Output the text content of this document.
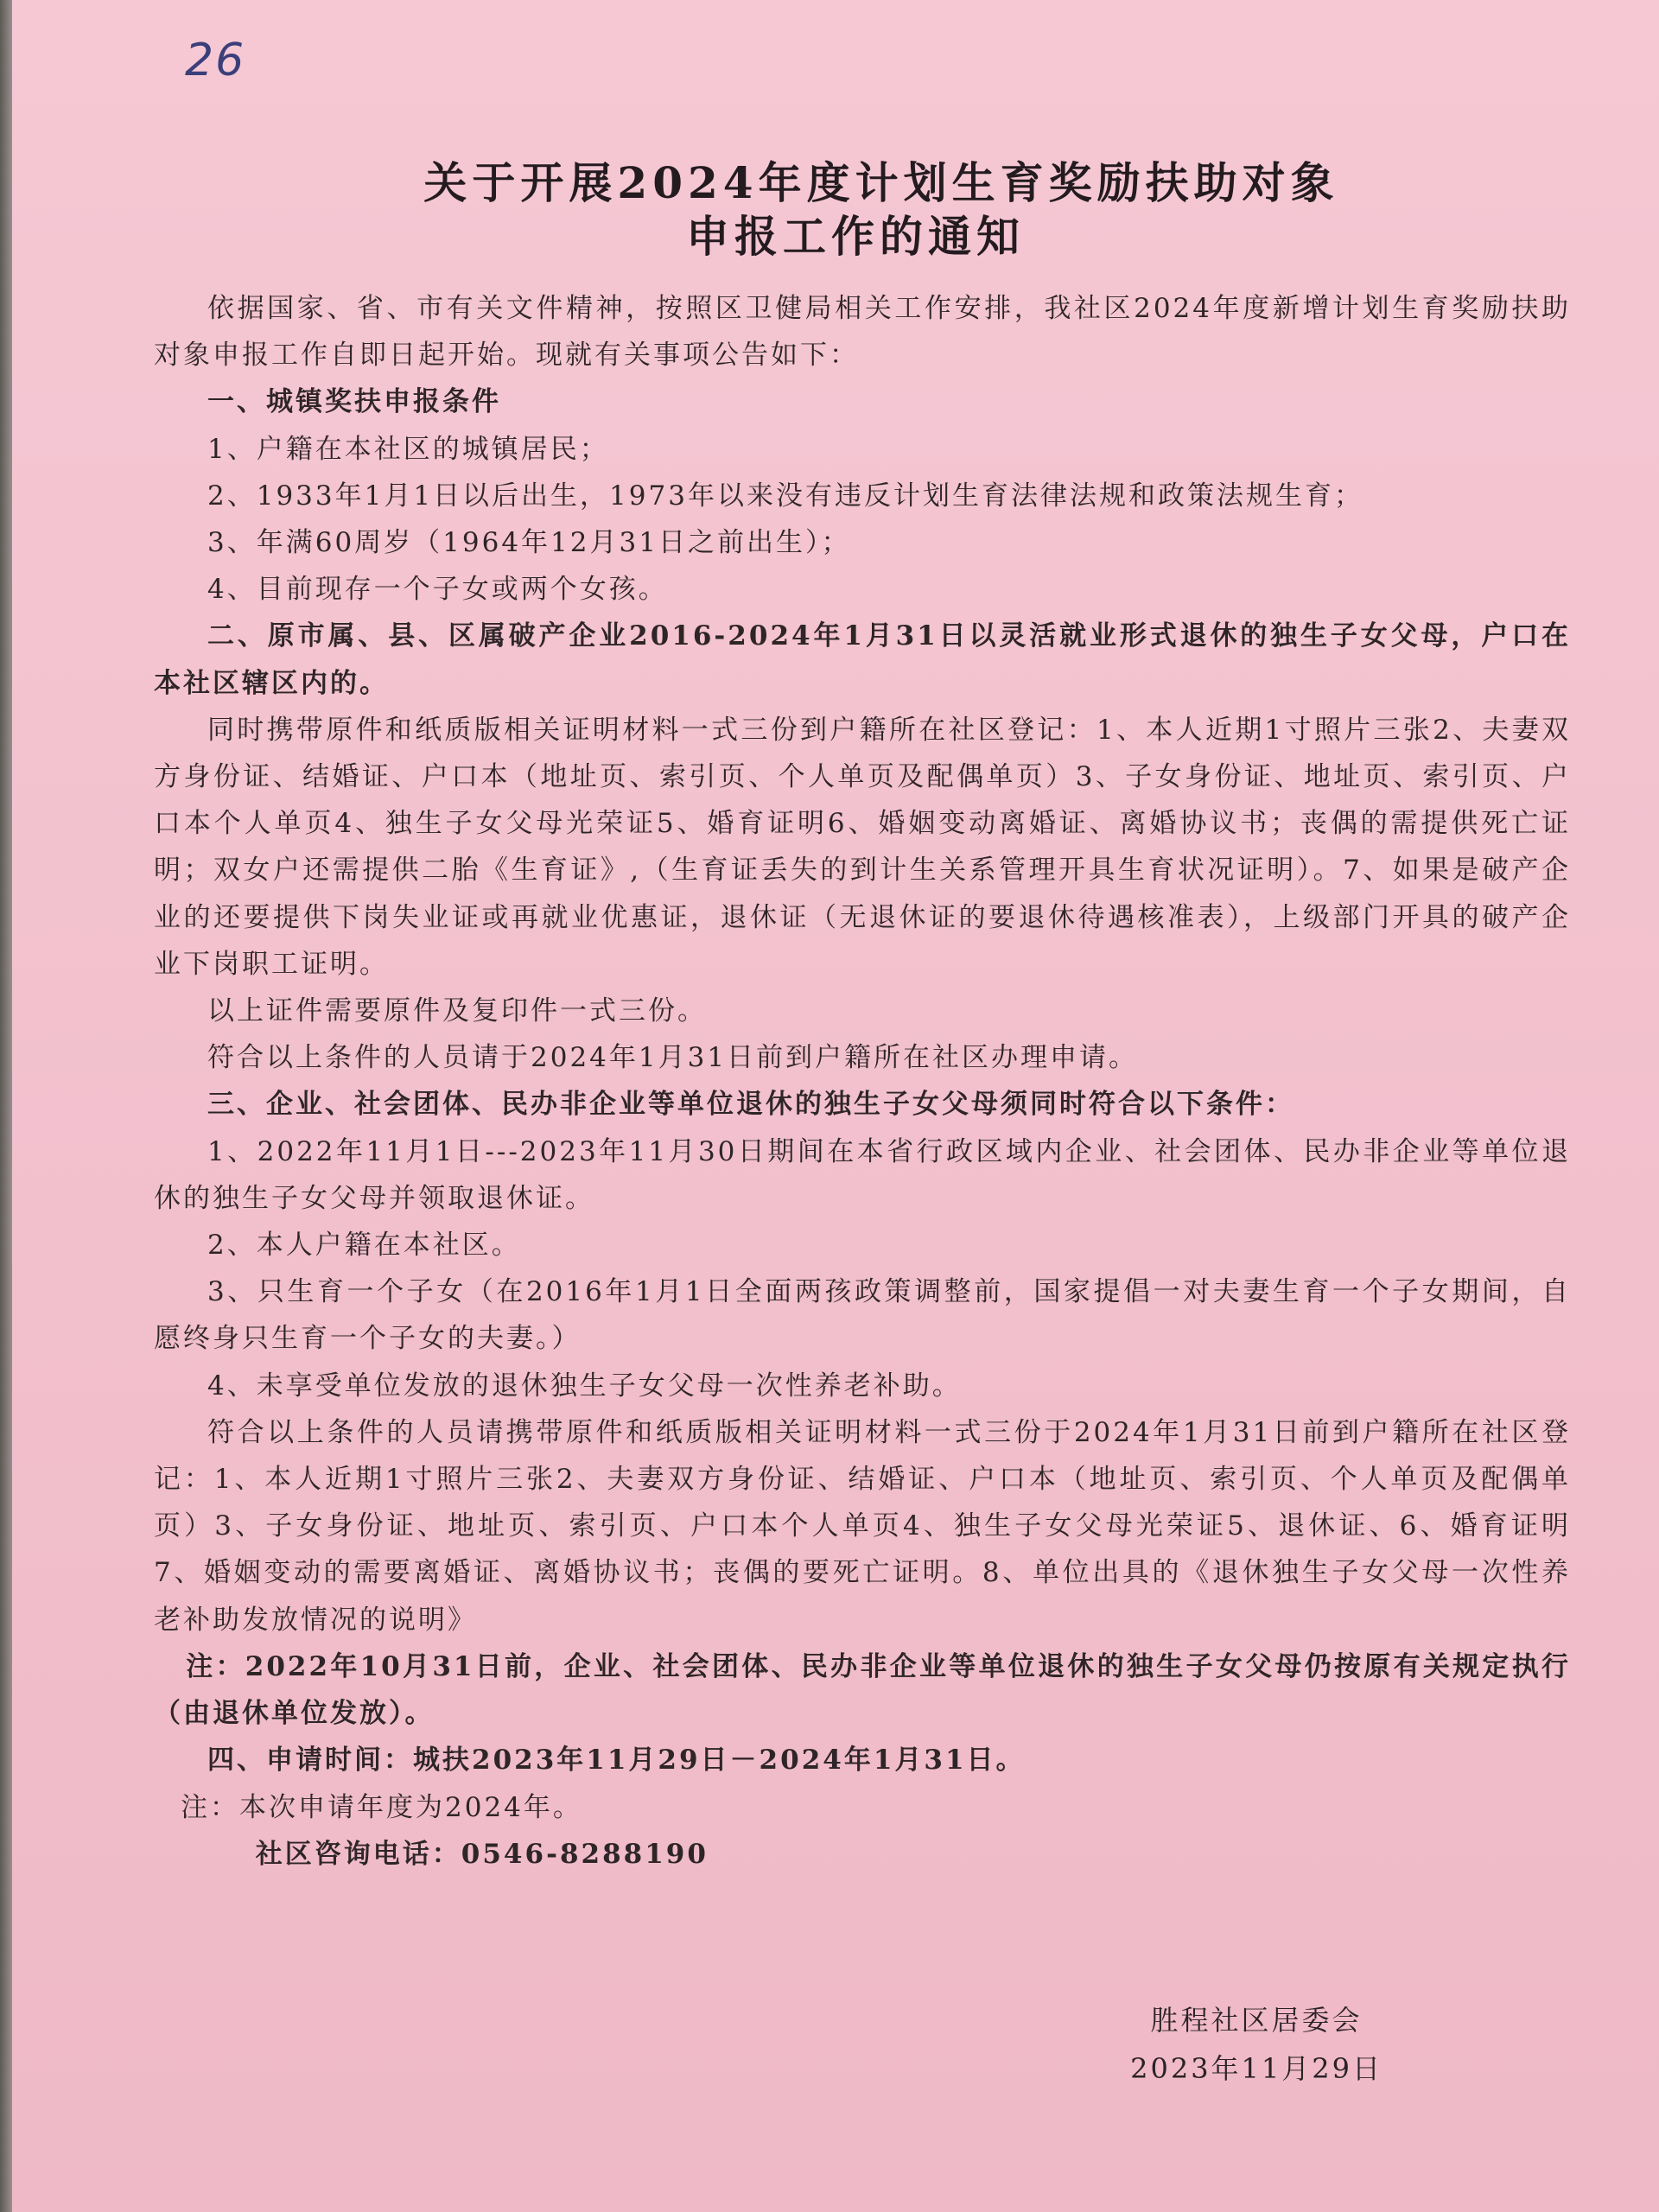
26
关于开展2024年度计划生育奖励扶助对象
申报工作的通知

依据国家、省、市有关文件精神，按照区卫健局相关工作安排，我社区2024年度新增计划生育奖励扶助对象申报工作自即日起开始。现就有关事项公告如下：

一、城镇奖扶申报条件

1、户籍在本社区的城镇居民；

2、1933年1月1日以后出生，1973年以来没有违反计划生育法律法规和政策法规生育；

3、年满60周岁（1964年12月31日之前出生）；

4、目前现存一个子女或两个女孩。

二、原市属、县、区属破产企业2016-2024年1月31日以灵活就业形式退休的独生子女父母，户口在本社区辖区内的。

同时携带原件和纸质版相关证明材料一式三份到户籍所在社区登记：1、本人近期1寸照片三张2、夫妻双方身份证、结婚证、户口本（地址页、索引页、个人单页及配偶单页）3、子女身份证、地址页、索引页、户口本个人单页4、独生子女父母光荣证5、婚育证明6、婚姻变动离婚证、离婚协议书；丧偶的需提供死亡证明；双女户还需提供二胎《生育证》,（生育证丢失的到计生关系管理开具生育状况证明）。7、如果是破产企业的还要提供下岗失业证或再就业优惠证，退休证（无退休证的要退休待遇核准表），上级部门开具的破产企业下岗职工证明。

以上证件需要原件及复印件一式三份。

符合以上条件的人员请于2024年1月31日前到户籍所在社区办理申请。

三、企业、社会团体、民办非企业等单位退休的独生子女父母须同时符合以下条件：

1、2022年11月1日---2023年11月30日期间在本省行政区域内企业、社会团体、民办非企业等单位退休的独生子女父母并领取退休证。

2、本人户籍在本社区。

3、只生育一个子女（在2016年1月1日全面两孩政策调整前，国家提倡一对夫妻生育一个子女期间，自愿终身只生育一个子女的夫妻。）

4、未享受单位发放的退休独生子女父母一次性养老补助。

符合以上条件的人员请携带原件和纸质版相关证明材料一式三份于2024年1月31日前到户籍所在社区登记：1、本人近期1寸照片三张2、夫妻双方身份证、结婚证、户口本（地址页、索引页、个人单页及配偶单页）3、子女身份证、地址页、索引页、户口本个人单页4、独生子女父母光荣证5、退休证、6、婚育证明7、婚姻变动的需要离婚证、离婚协议书；丧偶的要死亡证明。8、单位出具的《退休独生子女父母一次性养老补助发放情况的说明》

注：2022年10月31日前，企业、社会团体、民办非企业等单位退休的独生子女父母仍按原有关规定执行（由退休单位发放）。

四、申请时间：城扶2023年11月29日－2024年1月31日。

注：本次申请年度为2024年。

社区咨询电话：0546-8288190

胜程社区居委会
2023年11月29日
